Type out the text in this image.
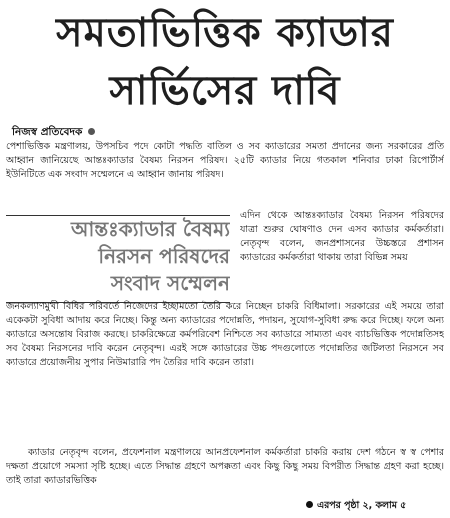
সমতাভিত্তিক ক্যাডার
সার্ভিসের দাবি
নিজস্ব প্রতিবেদক
পেশাভিত্তিক মন্ত্রণালয়, উপসচিব পদে কোটা পদ্ধতি বাতিল ও সব ক্যাডারের সমতা প্রদানের জন্য সরকারের প্রতি আহ্বান জানিয়েছে আন্তঃক্যাডার বৈষম্য নিরসন পরিষদ। ২৫টি ক্যাডার নিয়ে গতকাল শনিবার ঢাকা রিপোর্টার্স ইউনিটিতে এক সংবাদ সম্মেলনে এ আহ্বান জানায় পরিষদ।
আন্তঃক্যাডার বৈষম্য
নিরসন পরিষদের
সংবাদ সম্মেলন
এদিন থেকে আন্তঃক্যাডার বৈষম্য নিরসন পরিষদের যাত্রা শুরুর ঘোষণাও দেন এসব ক্যাডার কর্মকর্তারা। নেতৃবৃন্দ বলেন, জনপ্রশাসনের উচ্চস্তরে প্রশাসন ক্যাডারের কর্মকর্তারা থাকায় তারা বিভিন্ন সময়
জনকল্যাণমুখী বিধির পরিবর্তে নিজেদের ইচ্ছামতো তৈরি করে নিচ্ছেন চাকরি বিধিমালা। সরকারের এই সময়ে তারা একেকটা সুবিধা আদায় করে নিচ্ছে। কিন্তু অন্য ক্যাডারের পদোন্নতি, পদায়ন, সুযোগ-সুবিধা রুদ্ধ করে দিচ্ছে। ফলে অন্য ক্যাডারে অসন্তোষ বিরাজ করছে। চাকরিক্ষেত্রে কর্মপরিবেশ নিশ্চিতে সব ক্যাডারে সাম্যতা এবং ব্যাচভিত্তিক পদোন্নতিসহ সব বৈষম্য নিরসনের দাবি করেন নেতৃবৃন্দ। এরই সঙ্গে ক্যাডারের উচ্চ পদগুলোতে পদোন্নতির জটিলতা নিরসনে সব ক্যাডারে প্রয়োজনীয় সুপার নিউমারারি পদ তৈরির দাবি করেন তারা।
ক্যাডার নেতৃবৃন্দ বলেন, প্রফেশনাল মন্ত্রণালয়ে আনপ্রফেশনাল কর্মকর্তারা চাকরি করায় দেশ গঠনে স্ব স্ব পেশার দক্ষতা প্রয়োগে সমস্যা সৃষ্টি হচ্ছে। এতে সিদ্ধান্ত গ্রহণে অপক্কতা এবং কিছু কিছু সময় বিপরীত সিদ্ধান্ত গ্রহণ করা হচ্ছে। তাই তারা ক্যাডারভিত্তিক
এরপর পৃষ্ঠা ২, কলাম ৫
